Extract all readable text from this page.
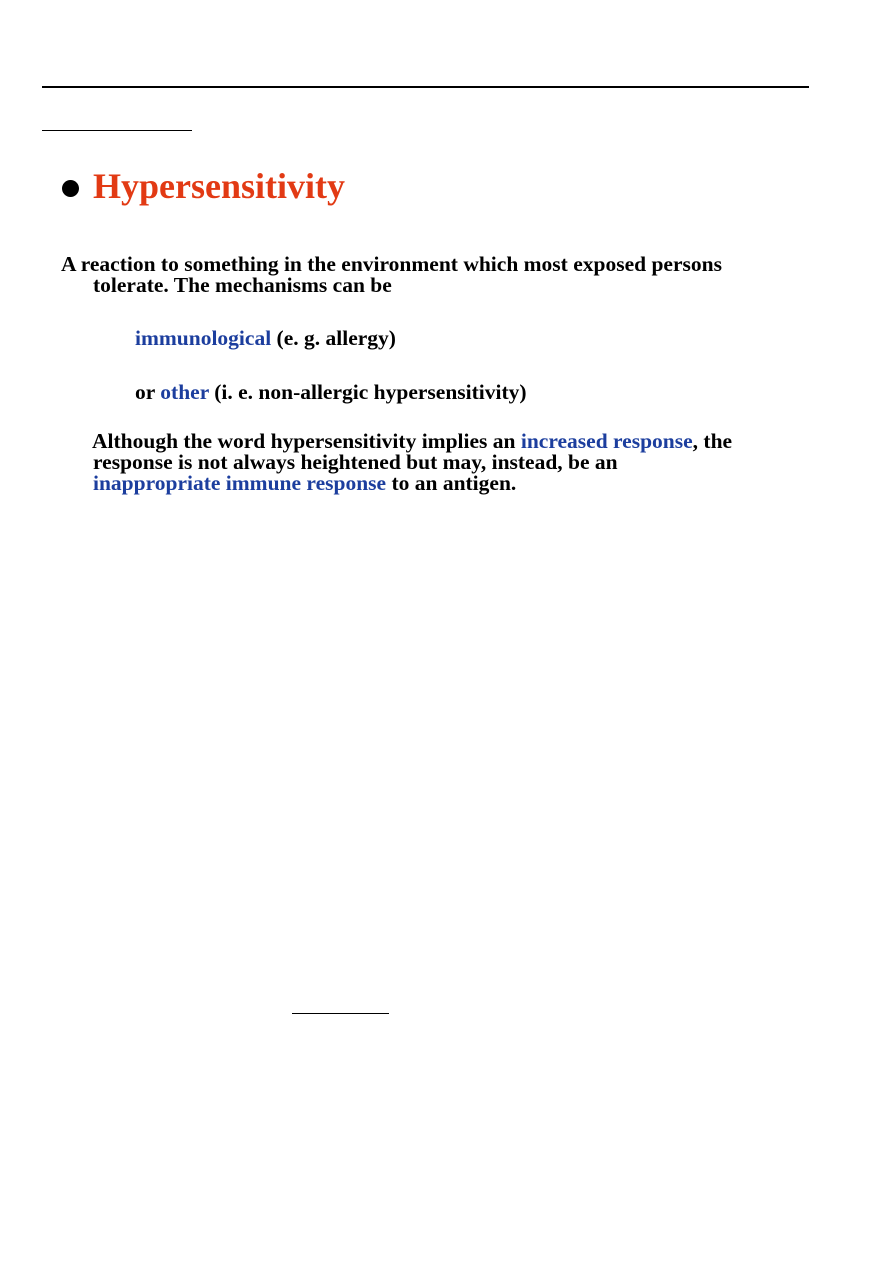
Hypersensitivity
A reaction to something in the environment which most exposed persons
tolerate. The mechanisms can be
immunological (e. g. allergy)
or other (i. e. non-allergic hypersensitivity)
Although the word hypersensitivity implies an increased response, the
response is not always heightened but may, instead, be an
inappropriate immune response to an antigen.
